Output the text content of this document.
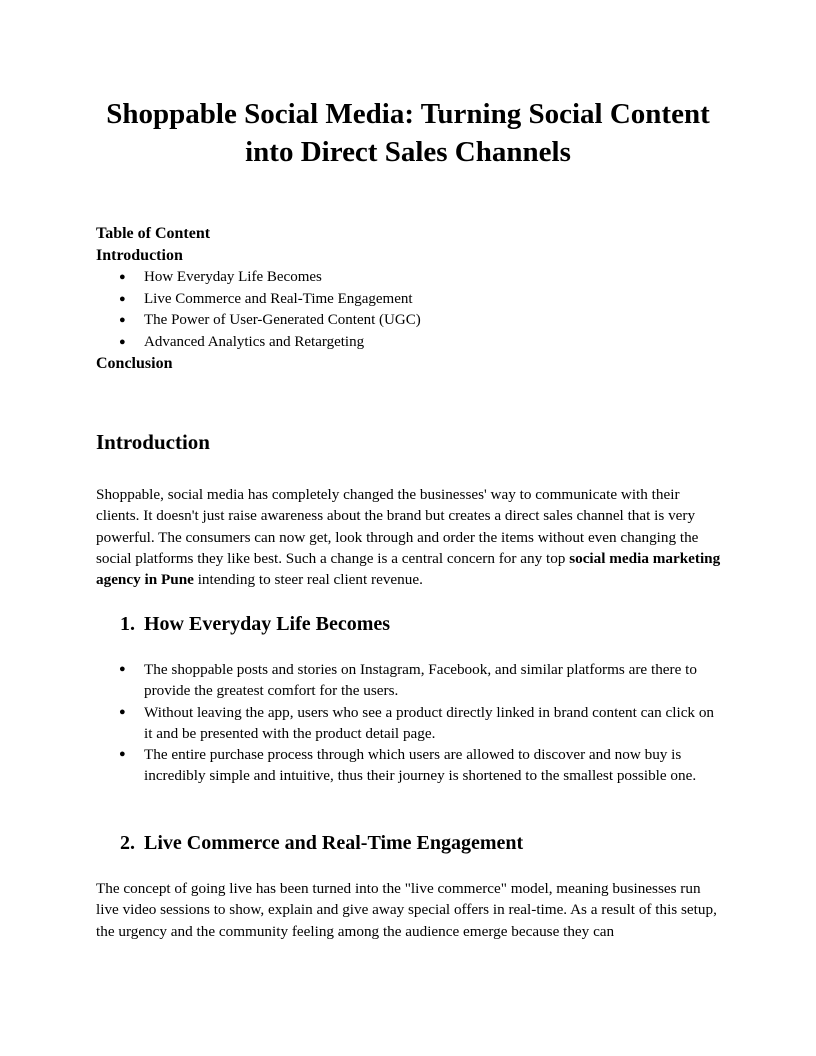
Shoppable Social Media: Turning Social Content
into Direct Sales Channels
Table of Content
Introduction
● How Everyday Life Becomes
● Live Commerce and Real-Time Engagement
● The Power of User-Generated Content (UGC)
● Advanced Analytics and Retargeting
Conclusion
Introduction

Shoppable, social media has completely changed the businesses' way to communicate with their clients. It doesn't just raise awareness about the brand but creates a direct sales channel that is very powerful. The consumers can now get, look through and order the items without even changing the social platforms they like best. Such a change is a central concern for any top social media marketing agency in Pune intending to steer real client revenue.

1. How Everyday Life Becomes
● The shoppable posts and stories on Instagram, Facebook, and similar platforms are there to provide the greatest comfort for the users.
● Without leaving the app, users who see a product directly linked in brand content can click on it and be presented with the product detail page.
● The entire purchase process through which users are allowed to discover and now buy is incredibly simple and intuitive, thus their journey is shortened to the smallest possible one.
2. Live Commerce and Real-Time Engagement

The concept of going live has been turned into the "live commerce" model, meaning businesses run live video sessions to show, explain and give away special offers in real-time. As a result of this setup, the urgency and the community feeling among the audience emerge because they can
